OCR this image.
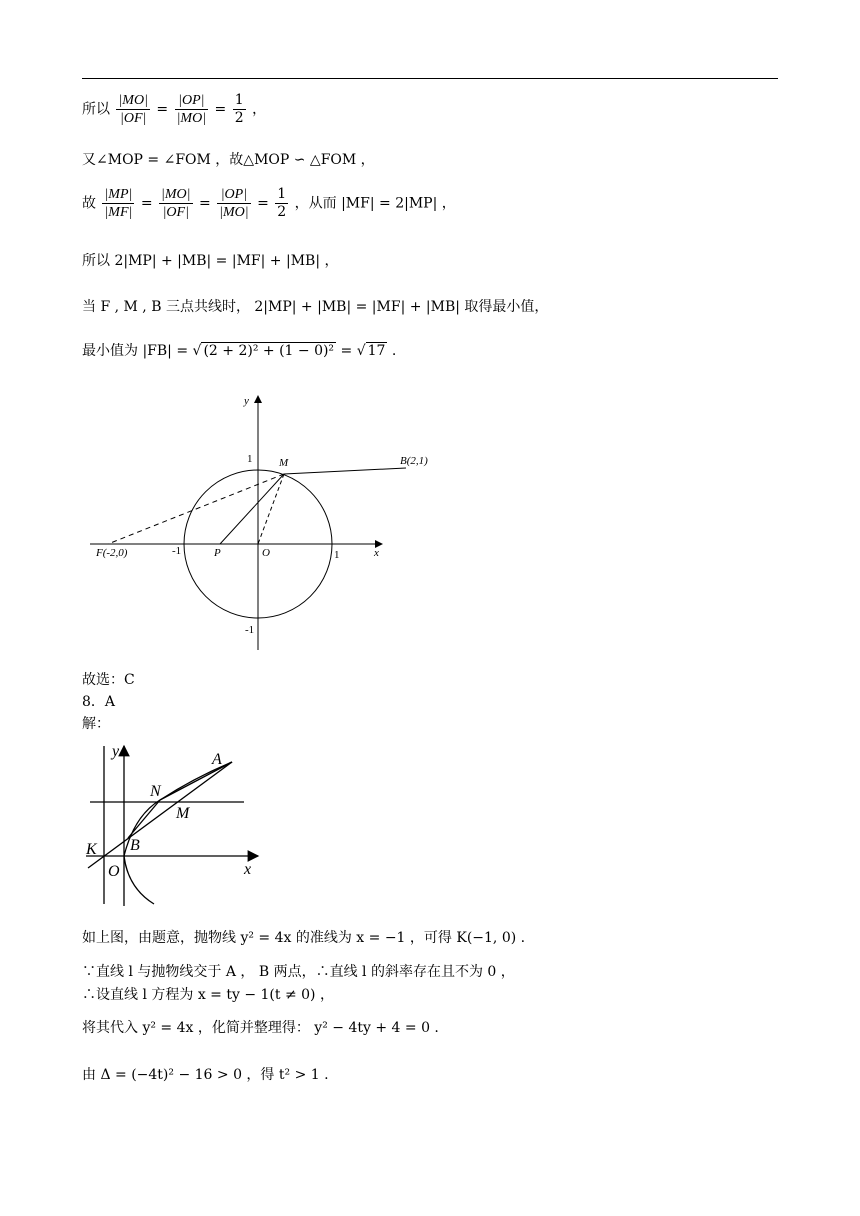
所以 $\frac{|MO|}{|OF|} = \frac{|OP|}{|MO|} = \frac{1}{2}$ ，
又∠MOP = ∠FOM ，故△MOP ∽ △FOM ，
故 $\frac{|MP|}{|MF|} = \frac{|MO|}{|OF|} = \frac{|OP|}{|MO|} = \frac{1}{2}$ ，从而 |MF| = 2|MP| ，
所以 2|MP| + |MB| = |MF| + |MB| ，
当 F , M , B 三点共线时， 2|MP| + |MB| = |MF| + |MB| 取得最小值，
最小值为 |FB| = √ (2 + 2)² + (1 − 0)² = √ 17 .
y
x
1
-1
-1	1
M	B(2,1)
F(-2,0)	P	O
故选：C
8．A
解：
y
x
A
N
M
K B
O
如上图，由题意，抛物线 y² = 4x 的准线为 x = −1 ，可得 K(−1, 0) .
∵直线 l 与抛物线交于 A ， B 两点，∴直线 l 的斜率存在且不为 0 ，
∴设直线 l 方程为 x = ty − 1(t ≠ 0) ，
将其代入 y² = 4x ，化简并整理得： y² − 4ty + 4 = 0 .
由 Δ = (−4t)² − 16 > 0 ，得 t² > 1 .
